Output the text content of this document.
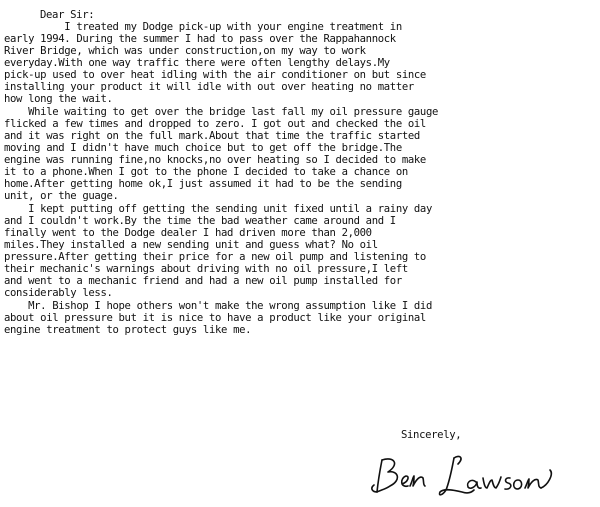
Dear Sir:
I treated my Dodge pick-up with your engine treatment in
early 1994. During the summer I had to pass over the Rappahannock
River Bridge, which was under construction,on my way to work
everyday.With one way traffic there were often lengthy delays.My
pick-up used to over heat idling with the air conditioner on but since
installing your product it will idle with out over heating no matter
how long the wait.
While waiting to get over the bridge last fall my oil pressure gauge
flicked a few times and dropped to zero. I got out and checked the oil
and it was right on the full mark.About that time the traffic started
moving and I didn't have much choice but to get off the bridge.The
engine was running fine,no knocks,no over heating so I decided to make
it to a phone.When I got to the phone I decided to take a chance on
home.After getting home ok,I just assumed it had to be the sending
unit, or the guage.
I kept putting off getting the sending unit fixed until a rainy day
and I couldn't work.By the time the bad weather came around and I
finally went to the Dodge dealer I had driven more than 2,000
miles.They installed a new sending unit and guess what? No oil
pressure.After getting their price for a new oil pump and listening to
their mechanic's warnings about driving with no oil pressure,I left
and went to a mechanic friend and had a new oil pump installed for
considerably less.
Mr. Bishop I hope others won't make the wrong assumption like I did
about oil pressure but it is nice to have a product like your original
engine treatment to protect guys like me.
Sincerely,
